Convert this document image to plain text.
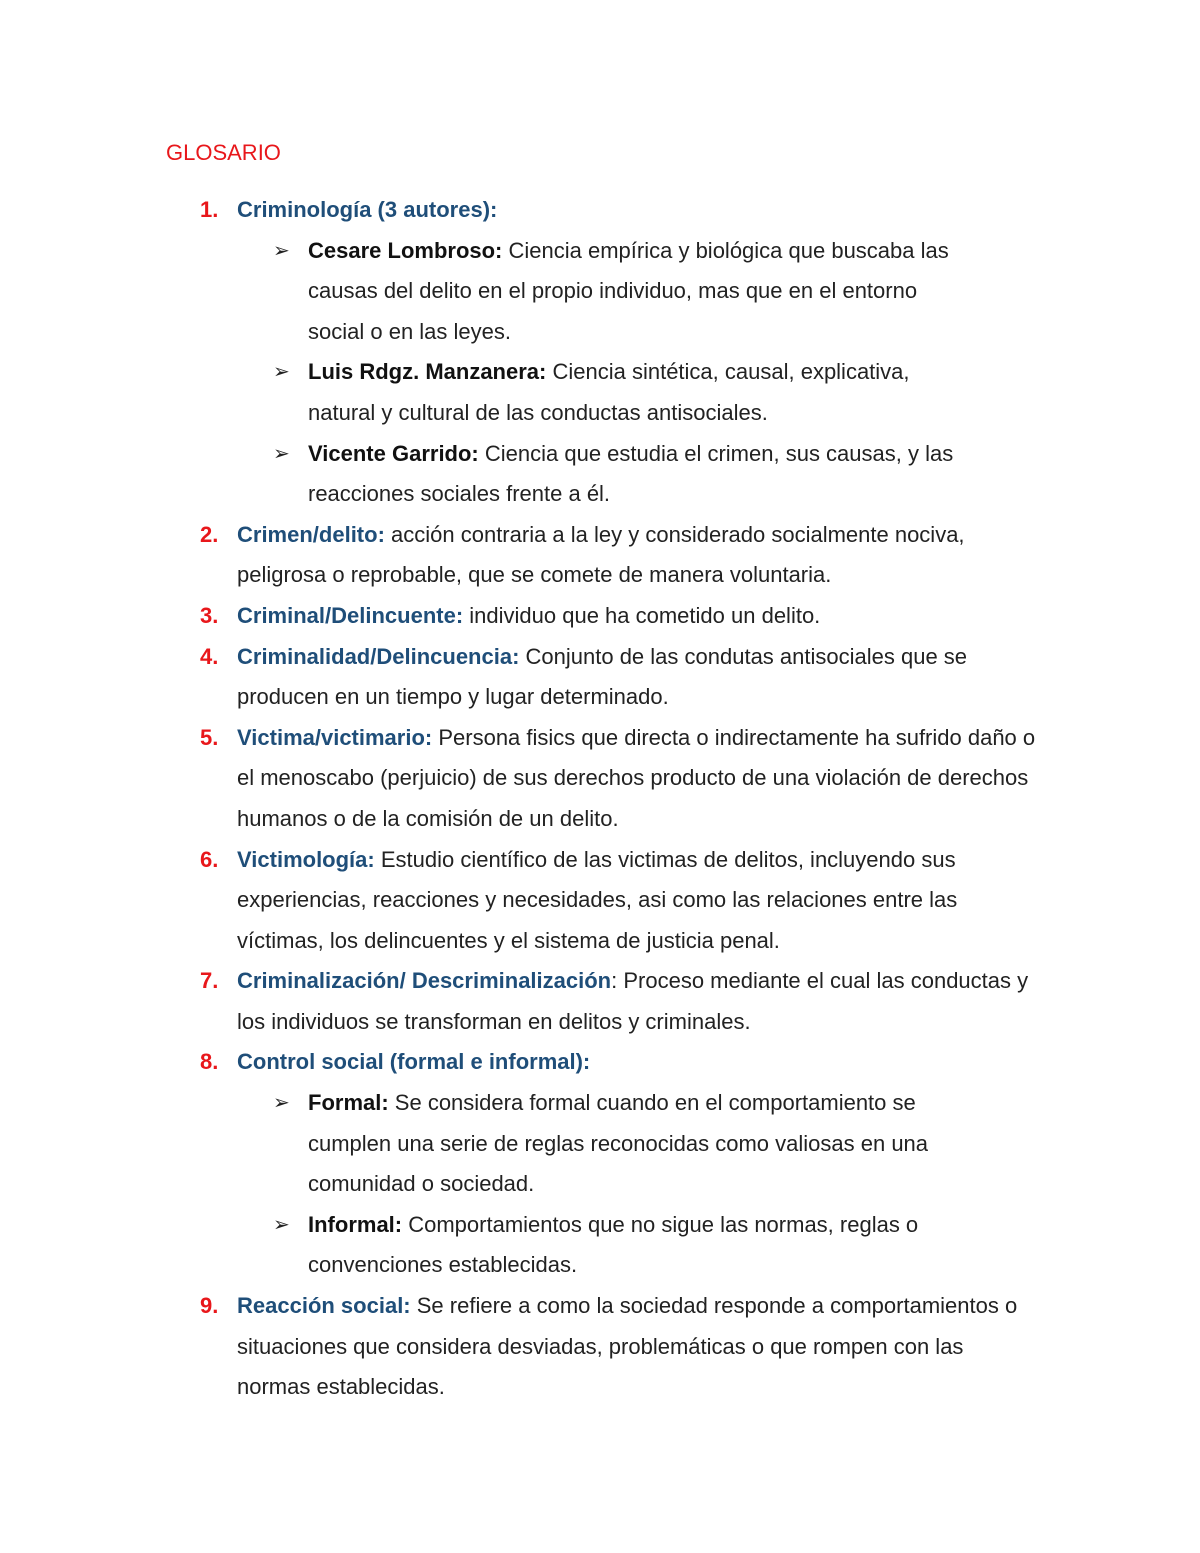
GLOSARIO
1. Criminología (3 autores):
➢ Cesare Lombroso: Ciencia empírica y biológica que buscaba las causas del delito en el propio individuo, mas que en el entorno social o en las leyes.
➢ Luis Rdgz. Manzanera: Ciencia sintética, causal, explicativa, natural y cultural de las conductas antisociales.
➢ Vicente Garrido: Ciencia que estudia el crimen, sus causas, y las reacciones sociales frente a él.
2. Crimen/delito: acción contraria a la ley y considerado socialmente nociva, peligrosa o reprobable, que se comete de manera voluntaria.
3. Criminal/Delincuente: individuo que ha cometido un delito.
4. Criminalidad/Delincuencia: Conjunto de las condutas antisociales que se producen en un tiempo y lugar determinado.
5. Victima/victimario: Persona fisics que directa o indirectamente ha sufrido daño o el menoscabo (perjuicio) de sus derechos producto de una violación de derechos humanos o de la comisión de un delito.
6. Victimología: Estudio científico de las victimas de delitos, incluyendo sus experiencias, reacciones y necesidades, asi como las relaciones entre las víctimas, los delincuentes y el sistema de justicia penal.
7. Criminalización/ Descriminalización: Proceso mediante el cual las conductas y los individuos se transforman en delitos y criminales.
8. Control social (formal e informal):
➢ Formal: Se considera formal cuando en el comportamiento se cumplen una serie de reglas reconocidas como valiosas en una comunidad o sociedad.
➢ Informal: Comportamientos que no sigue las normas, reglas o convenciones establecidas.
9. Reacción social: Se refiere a como la sociedad responde a comportamientos o situaciones que considera desviadas, problemáticas o que rompen con las normas establecidas.
